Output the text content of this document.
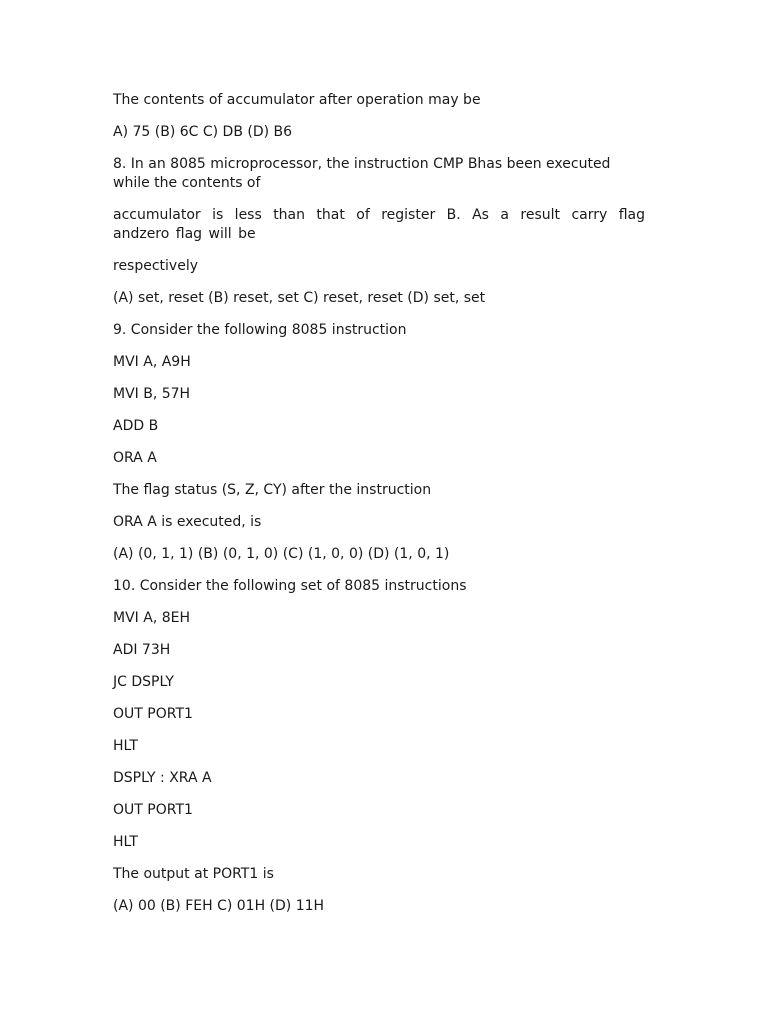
The contents of accumulator after operation may be

A) 75 (B) 6C C) DB (D) B6

8. In an 8085 microprocessor, the instruction CMP Bhas been executed while the contents of

accumulator is less than that of register B. As a result carry flag andzero flag will be

respectively

(A) set, reset (B) reset, set C) reset, reset (D) set, set

9. Consider the following 8085 instruction

MVI A, A9H

MVI B, 57H

ADD B

ORA A

The flag status (S, Z, CY) after the instruction

ORA A is executed, is

(A) (0, 1, 1) (B) (0, 1, 0) (C) (1, 0, 0) (D) (1, 0, 1)

10. Consider the following set of 8085 instructions

MVI A, 8EH

ADI 73H

JC DSPLY

OUT PORT1

HLT

DSPLY : XRA A

OUT PORT1

HLT

The output at PORT1 is

(A) 00 (B) FEH C) 01H (D) 11H
